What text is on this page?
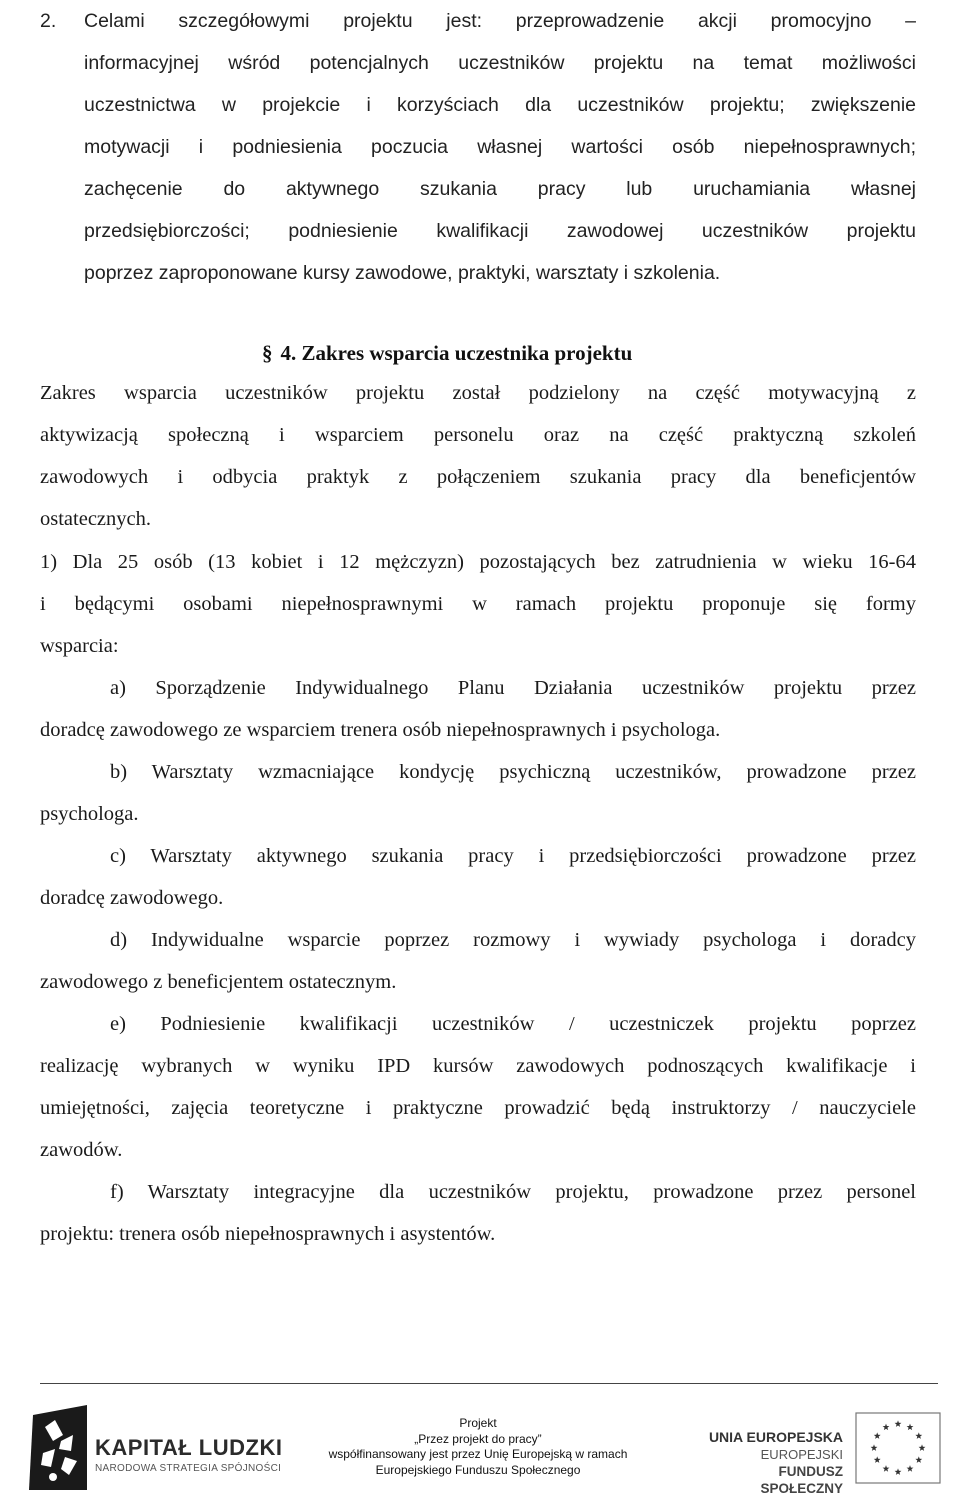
2. Celami szczegółowymi projektu jest: przeprowadzenie akcji promocyjno –
informacyjnej wśród potencjalnych uczestników projektu na temat możliwości
uczestnictwa w projekcie i korzyściach dla uczestników projektu; zwiększenie
motywacji i podniesienia poczucia własnej wartości osób niepełnosprawnych;
zachęcenie do aktywnego szukania pracy lub uruchamiania własnej
przedsiębiorczości; podniesienie kwalifikacji zawodowej uczestników projektu
poprzez zaproponowane kursy zawodowe, praktyki, warsztaty i szkolenia.
§ 4. Zakres wsparcia uczestnika projektu
Zakres wsparcia uczestników projektu został podzielony na część motywacyjną z
aktywizacją społeczną i wsparciem personelu oraz na część praktyczną szkoleń
zawodowych i odbycia praktyk z połączeniem szukania pracy dla beneficjentów
ostatecznych.
1) Dla 25 osób (13 kobiet i 12 mężczyzn) pozostających bez zatrudnienia w wieku 16-64
i będącymi osobami niepełnosprawnymi w ramach projektu proponuje się formy
wsparcia:
a) Sporządzenie Indywidualnego Planu Działania uczestników projektu przez
doradcę zawodowego ze wsparciem trenera osób niepełnosprawnych i psychologa.
b) Warsztaty wzmacniające kondycję psychiczną uczestników, prowadzone przez
psychologa.
c) Warsztaty aktywnego szukania pracy i przedsiębiorczości prowadzone przez
doradcę zawodowego.
d) Indywidualne wsparcie poprzez rozmowy i wywiady psychologa i doradcy
zawodowego z beneficjentem ostatecznym.
e) Podniesienie kwalifikacji uczestników / uczestniczek projektu poprzez
realizację wybranych w wyniku IPD kursów zawodowych podnoszących kwalifikacje i
umiejętności, zajęcia teoretyczne i praktyczne prowadzić będą instruktorzy / nauczyciele
zawodów.
f) Warsztaty integracyjne dla uczestników projektu, prowadzone przez personel
projektu: trenera osób niepełnosprawnych i asystentów.
KAPITAŁ LUDZKI
NARODOWA STRATEGIA SPÓJNOŚCI
Projekt
„Przez projekt do pracy”
współfinansowany jest przez Unię Europejską w ramach
Europejskiego Funduszu Społecznego
UNIA EUROPEJSKA
EUROPEJSKI
FUNDUSZ SPOŁECZNY
